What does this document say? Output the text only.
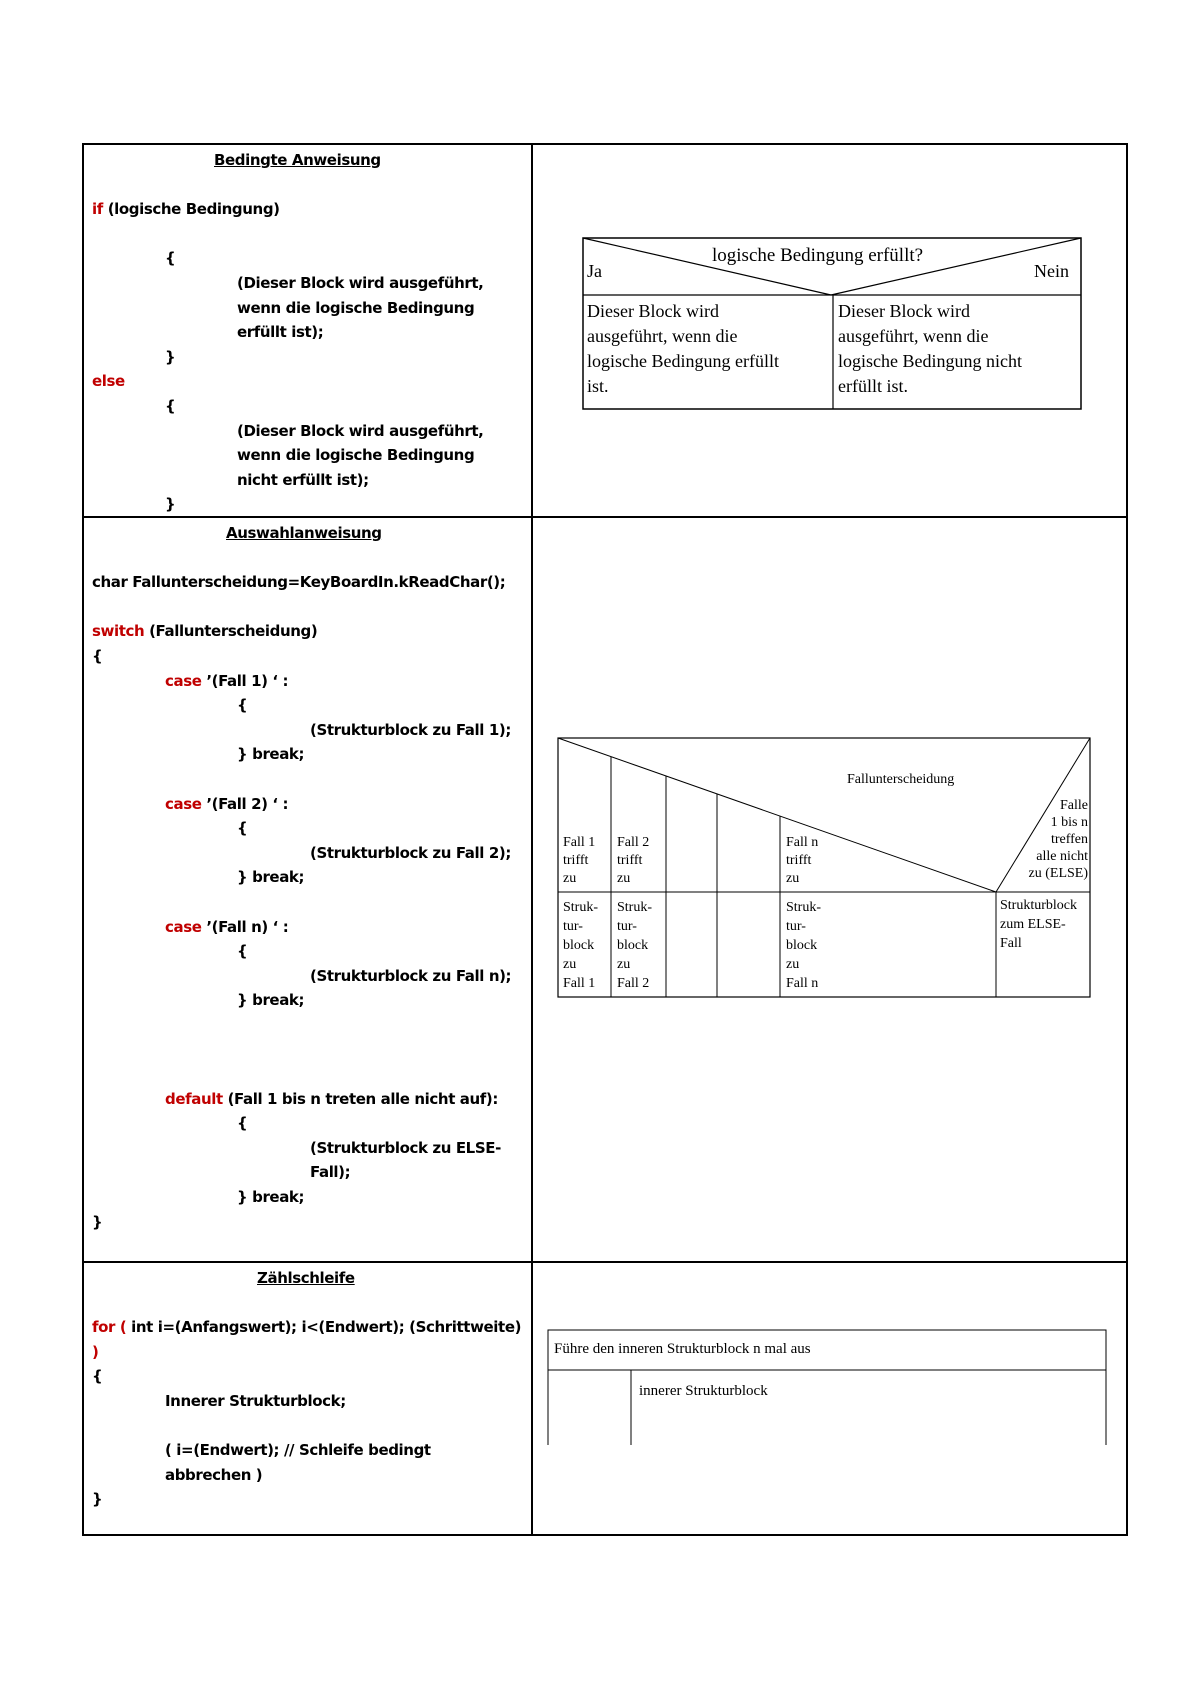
Bedingte Anweisung
if (logische Bedingung)
{
(Dieser Block wird ausgeführt,
wenn die logische Bedingung
erfüllt ist);
}
else
{
(Dieser Block wird ausgeführt,
wenn die logische Bedingung
nicht erfüllt ist);
}
logische Bedingung erfüllt?
Ja	Nein
Dieser Block wird
ausgeführt, wenn die
logische Bedingung erfüllt
ist.
Dieser Block wird
ausgeführt, wenn die
logische Bedingung nicht
erfüllt ist.
Auswahlanweisung
char Fallunterscheidung=KeyBoardIn.kReadChar();
switch (Fallunterscheidung)
{
case ’(Fall 1) ‘ :
{
(Strukturblock zu Fall 1);
} break;
case ’(Fall 2) ‘ :
{
(Strukturblock zu Fall 2);
} break;
case ’(Fall n) ‘ :
{
(Strukturblock zu Fall n);
} break;
default (Fall 1 bis n treten alle nicht auf):
{
(Strukturblock zu ELSE-
Fall);
} break;
}
Fallunterscheidung
Fall 1
trifft
zu
Fall 2
trifft
zu
Fall n
trifft
zu
Falle
1 bis n
treffen
alle nicht
zu (ELSE)
Struk-
tur-
block
zu
Fall 1
Struk-
tur-
block
zu
Fall 2
Struk-
tur-
block
zu
Fall n
Strukturblock
zum ELSE-
Fall
Zählschleife
for ( int i=(Anfangswert); i<(Endwert); (Schrittweite)
)
{
Innerer Strukturblock;
( i=(Endwert); // Schleife bedingt
abbrechen )
}
Führe den inneren Strukturblock n mal aus
innerer Strukturblock
